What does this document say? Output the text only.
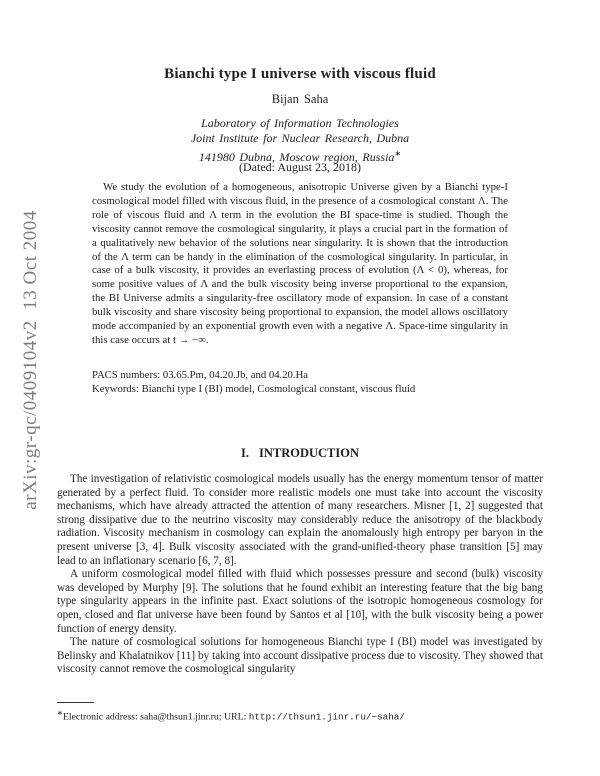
arXiv:gr-qc/0409104v2  13 Oct 2004
Bianchi type I universe with viscous fluid
Bijan Saha
Laboratory of Information Technologies
Joint Institute for Nuclear Research, Dubna
141980 Dubna, Moscow region, Russia∗
(Dated: August 23, 2018)
We study the evolution of a homogeneous, anisotropic Universe given by a Bianchi type-I cosmological model filled with viscous fluid, in the presence of a cosmological constant Λ. The role of viscous fluid and Λ term in the evolution the BI space-time is studied. Though the viscosity cannot remove the cosmological singularity, it plays a crucial part in the formation of a qualitatively new behavior of the solutions near singularity. It is shown that the introduction of the Λ term can be handy in the elimination of the cosmological singularity. In particular, in case of a bulk viscosity, it provides an everlasting process of evolution (Λ < 0), whereas, for some positive values of Λ and the bulk viscosity being inverse proportional to the expansion, the BI Universe admits a singularity-free oscillatory mode of expansion. In case of a constant bulk viscosity and share viscosity being proportional to expansion, the model allows oscillatory mode accompanied by an exponential growth even with a negative Λ. Space-time singularity in this case occurs at t → −∞.
PACS numbers: 03.65.Pm, 04.20.Jb, and 04.20.Ha
Keywords: Bianchi type I (BI) model, Cosmological constant, viscous fluid
I. INTRODUCTION

The investigation of relativistic cosmological models usually has the energy momentum tensor of matter generated by a perfect fluid. To consider more realistic models one must take into account the viscosity mechanisms, which have already attracted the attention of many researchers. Misner [1, 2] suggested that strong dissipative due to the neutrino viscosity may considerably reduce the anisotropy of the blackbody radiation. Viscosity mechanism in cosmology can explain the anomalously high entropy per baryon in the present universe [3, 4]. Bulk viscosity associated with the grand-unified-theory phase transition [5] may lead to an inflationary scenario [6, 7, 8].

A uniform cosmological model filled with fluid which possesses pressure and second (bulk) viscosity was developed by Murphy [9]. The solutions that he found exhibit an interesting feature that the big bang type singularity appears in the infinite past. Exact solutions of the isotropic homogeneous cosmology for open, closed and flat universe have been found by Santos et al [10], with the bulk viscosity being a power function of energy density.

The nature of cosmological solutions for homogeneous Bianchi type I (BI) model was investigated by Belinsky and Khalatnikov [11] by taking into account dissipative process due to viscosity. They showed that viscosity cannot remove the cosmological singularity

∗Electronic address: saha@thsun1.jinr.ru; URL: http://thsun1.jinr.ru/~saha/
